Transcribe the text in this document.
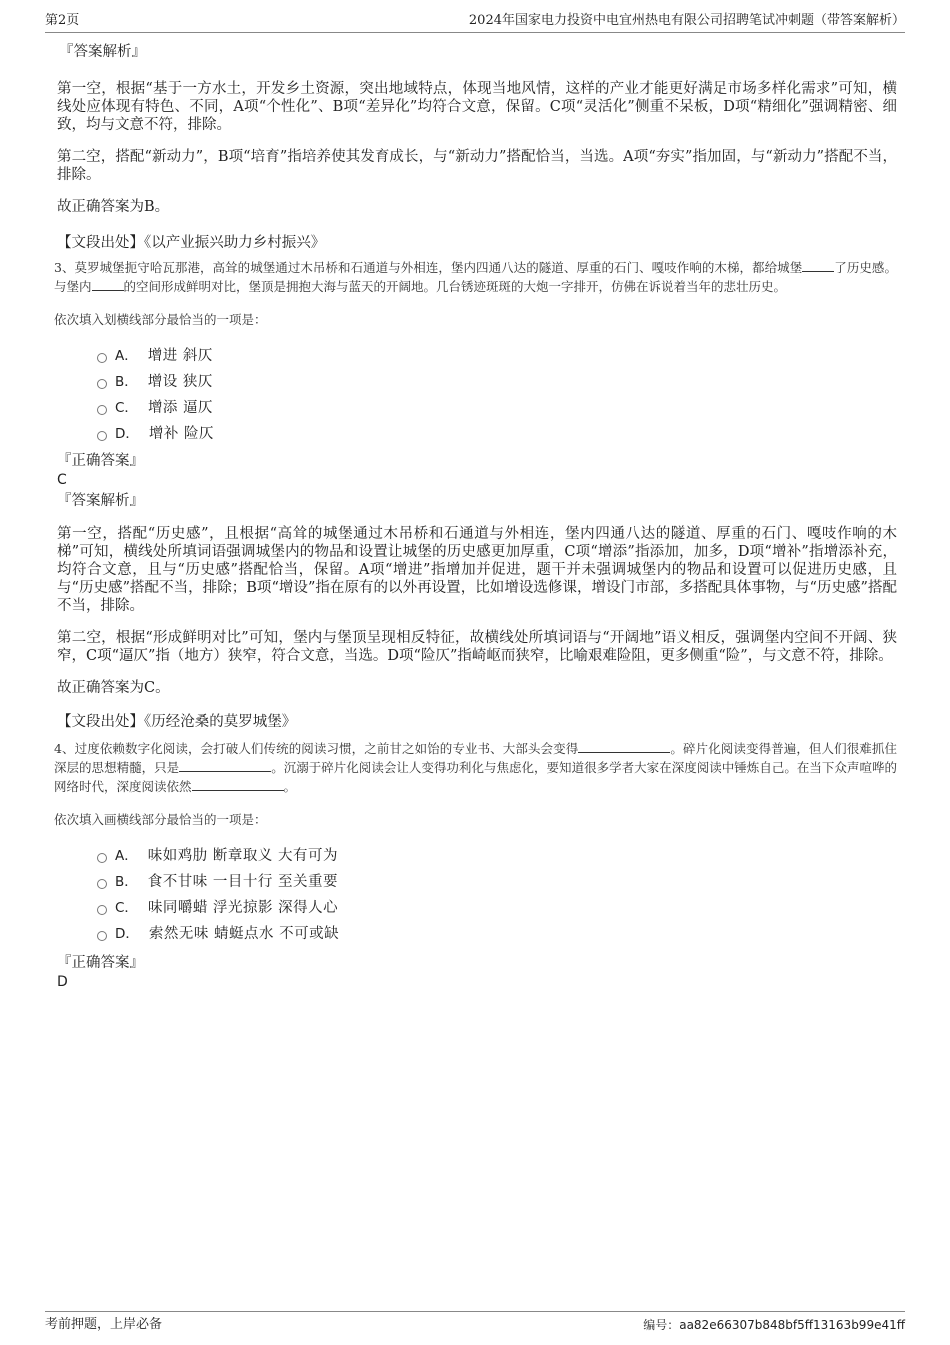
第2页	2024年国家电力投资中电宜州热电有限公司招聘笔试冲刺题（带答案解析）

『答案解析』

第一空，根据“基于一方水土，开发乡土资源，突出地域特点，体现当地风情，这样的产业才能更好满足市场多样化需求”可知，横线处应体现有特色、不同，A项“个性化”、B项“差异化”均符合文意，保留。C项“灵活化”侧重不呆板，D项“精细化”强调精密、细致，均与文意不符，排除。

第二空，搭配“新动力”，B项“培育”指培养使其发育成长，与“新动力”搭配恰当，当选。A项“夯实”指加固，与“新动力”搭配不当，排除。

故正确答案为B。

【文段出处】《以产业振兴助力乡村振兴》

3、莫罗城堡扼守哈瓦那港，高耸的城堡通过木吊桥和石通道与外相连，堡内四通八达的隧道、厚重的石门、嘎吱作响的木梯，都给城堡	了历史感。与堡内	的空间形成鲜明对比，堡顶是拥抱大海与蓝天的开阔地。几台锈迹斑斑的大炮一字排开，仿佛在诉说着当年的悲壮历史。

依次填入划横线部分最恰当的一项是：

A． 增进 斜仄
B． 增设 狭仄
C． 增添 逼仄
D． 增补 险仄

『正确答案』

C

『答案解析』

第一空，搭配“历史感”，且根据“高耸的城堡通过木吊桥和石通道与外相连，堡内四通八达的隧道、厚重的石门、嘎吱作响的木梯”可知，横线处所填词语强调城堡内的物品和设置让城堡的历史感更加厚重，C项“增添”指添加，加多，D项“增补”指增添补充，均符合文意，且与“历史感”搭配恰当，保留。A项“增进”指增加并促进，题干并未强调城堡内的物品和设置可以促进历史感，且与“历史感”搭配不当，排除；B项“增设”指在原有的以外再设置，比如增设选修课，增设门市部，多搭配具体事物，与“历史感”搭配不当，排除。

第二空，根据“形成鲜明对比”可知，堡内与堡顶呈现相反特征，故横线处所填词语与“开阔地”语义相反，强调堡内空间不开阔、狭窄，C项“逼仄”指（地方）狭窄，符合文意，当选。D项“险仄”指崎岖而狭窄，比喻艰难险阻，更多侧重“险”，与文意不符，排除。

故正确答案为C。

【文段出处】《历经沧桑的莫罗城堡》

4、过度依赖数字化阅读，会打破人们传统的阅读习惯，之前甘之如饴的专业书、大部头会变得	。碎片化阅读变得普遍，但人们很难抓住深层的思想精髓，只是	。沉溺于碎片化阅读会让人变得功利化与焦虑化，要知道很多学者大家在深度阅读中锤炼自己。在当下众声喧哗的网络时代，深度阅读依然	。

依次填入画横线部分最恰当的一项是：

A． 味如鸡肋 断章取义 大有可为
B． 食不甘味 一目十行 至关重要
C． 味同嚼蜡 浮光掠影 深得人心
D． 索然无味 蜻蜓点水 不可或缺

『正确答案』

D

考前押题，上岸必备	编号：aa82e66307b848bf5ff13163b99e41ff
